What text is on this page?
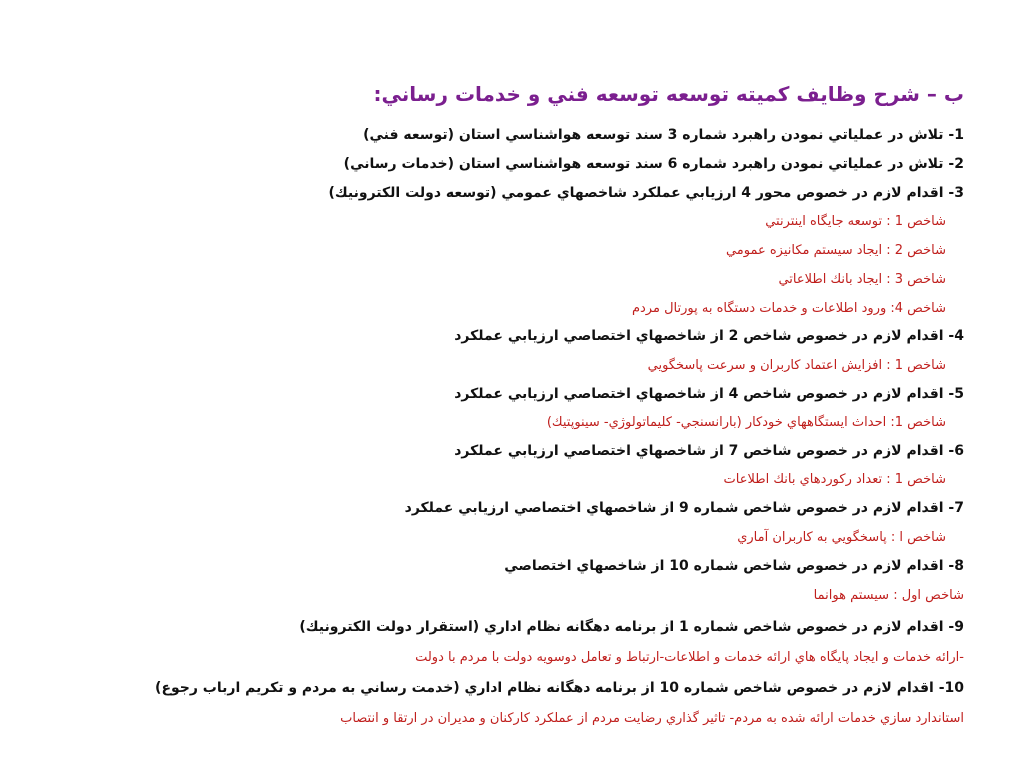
ب – شرح وظايف كميته توسعه توسعه فني و خدمات رساني:
1- تلاش در عملياتي نمودن راهبرد شماره 3 سند توسعه هواشناسي استان (توسعه فني)
2- تلاش در عملياتي نمودن راهبرد شماره 6 سند توسعه هواشناسي استان (خدمات رساني)
3- اقدام لازم در خصوص محور 4 ارزيابي عملكرد شاخصهاي عمومي (توسعه دولت الكترونيك)
شاخص 1 : توسعه جايگاه اينترنتي
شاخص 2 : ايجاد سيستم مكانيزه عمومي
شاخص 3 : ايجاد بانك اطلاعاتي
شاخص 4: ورود اطلاعات و خدمات دستگاه به پورتال مردم
4- اقدام لازم در خصوص شاخص 2 از شاخصهاي اختصاصي ارزيابي عملكرد
شاخص 1 : افزايش اعتماد كاربران و سرعت پاسخگويي
5- اقدام لازم در خصوص شاخص 4 از شاخصهاي اختصاصي ارزيابي عملكرد
شاخص 1: احداث ايستگاههاي خودكار (بارانسنجي- كليماتولوژي- سينوپتيك)
6- اقدام لازم در خصوص شاخص 7 از شاخصهاي اختصاصي ارزيابي عملكرد
شاخص 1 : تعداد ركوردهاي بانك اطلاعات
7- اقدام لازم در خصوص شاخص شماره 9 از شاخصهاي اختصاصي ارزيابي عملكرد
شاخص ا : پاسخگويي به كاربران آماري
8- اقدام لازم در خصوص شاخص شماره 10 از شاخصهاي اختصاصي
شاخص اول : سيستم هوانما
9- اقدام لازم در خصوص شاخص شماره 1 از برنامه دهگانه نظام اداري (استقرار دولت الكترونيك)
-ارائه خدمات و ايجاد پايگاه هاي ارائه خدمات و اطلاعات-ارتباط و تعامل دوسويه دولت با مردم با دولت
10- اقدام لازم در خصوص شاخص شماره 10 از برنامه دهگانه نظام اداري (خدمت رساني به مردم و تكريم ارباب رجوع)
استاندارد سازي خدمات ارائه شده به مردم- تاثير گذاري رضايت مردم از عملكرد كاركنان و مديران در ارتقا و انتصاب
